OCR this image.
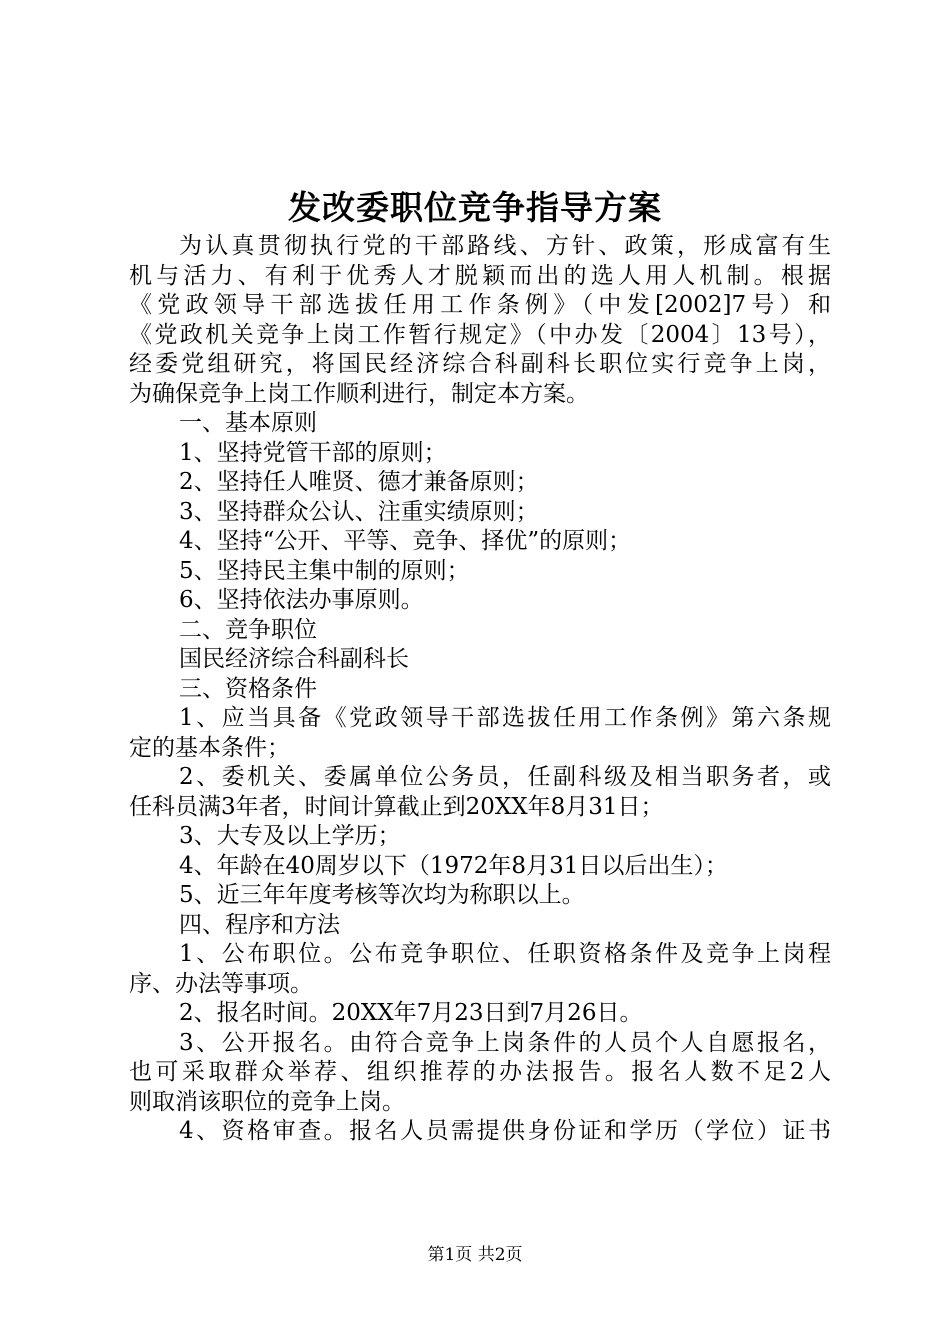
发改委职位竞争指导方案
为认真贯彻执行党的干部路线、方针、政策，形成富有生
机与活力、有利于优秀人才脱颖而出的选人用人机制。根据
《党政领导干部选拔任用工作条例》（中发[2002]7号）和
《党政机关竞争上岗工作暂行规定》（中办发〔2004〕13号），
经委党组研究，将国民经济综合科副科长职位实行竞争上岗，
为确保竞争上岗工作顺利进行，制定本方案。
一、基本原则
1、坚持党管干部的原则；
2、坚持任人唯贤、德才兼备原则；
3、坚持群众公认、注重实绩原则；
4、坚持“公开、平等、竞争、择优”的原则；
5、坚持民主集中制的原则；
6、坚持依法办事原则。
二、竞争职位
国民经济综合科副科长
三、资格条件
1、应当具备《党政领导干部选拔任用工作条例》第六条规
定的基本条件；
2、委机关、委属单位公务员，任副科级及相当职务者，或
任科员满3年者，时间计算截止到20XX年8月31日；
3、大专及以上学历；
4、年龄在40周岁以下（1972年8月31日以后出生）；
5、近三年年度考核等次均为称职以上。
四、程序和方法
1、公布职位。公布竞争职位、任职资格条件及竞争上岗程
序、办法等事项。
2、报名时间。20XX年7月23日到7月26日。
3、公开报名。由符合竞争上岗条件的人员个人自愿报名，
也可采取群众举荐、组织推荐的办法报告。报名人数不足2人
则取消该职位的竞争上岗。
4、资格审查。报名人员需提供身份证和学历（学位）证书
第1页 共2页
